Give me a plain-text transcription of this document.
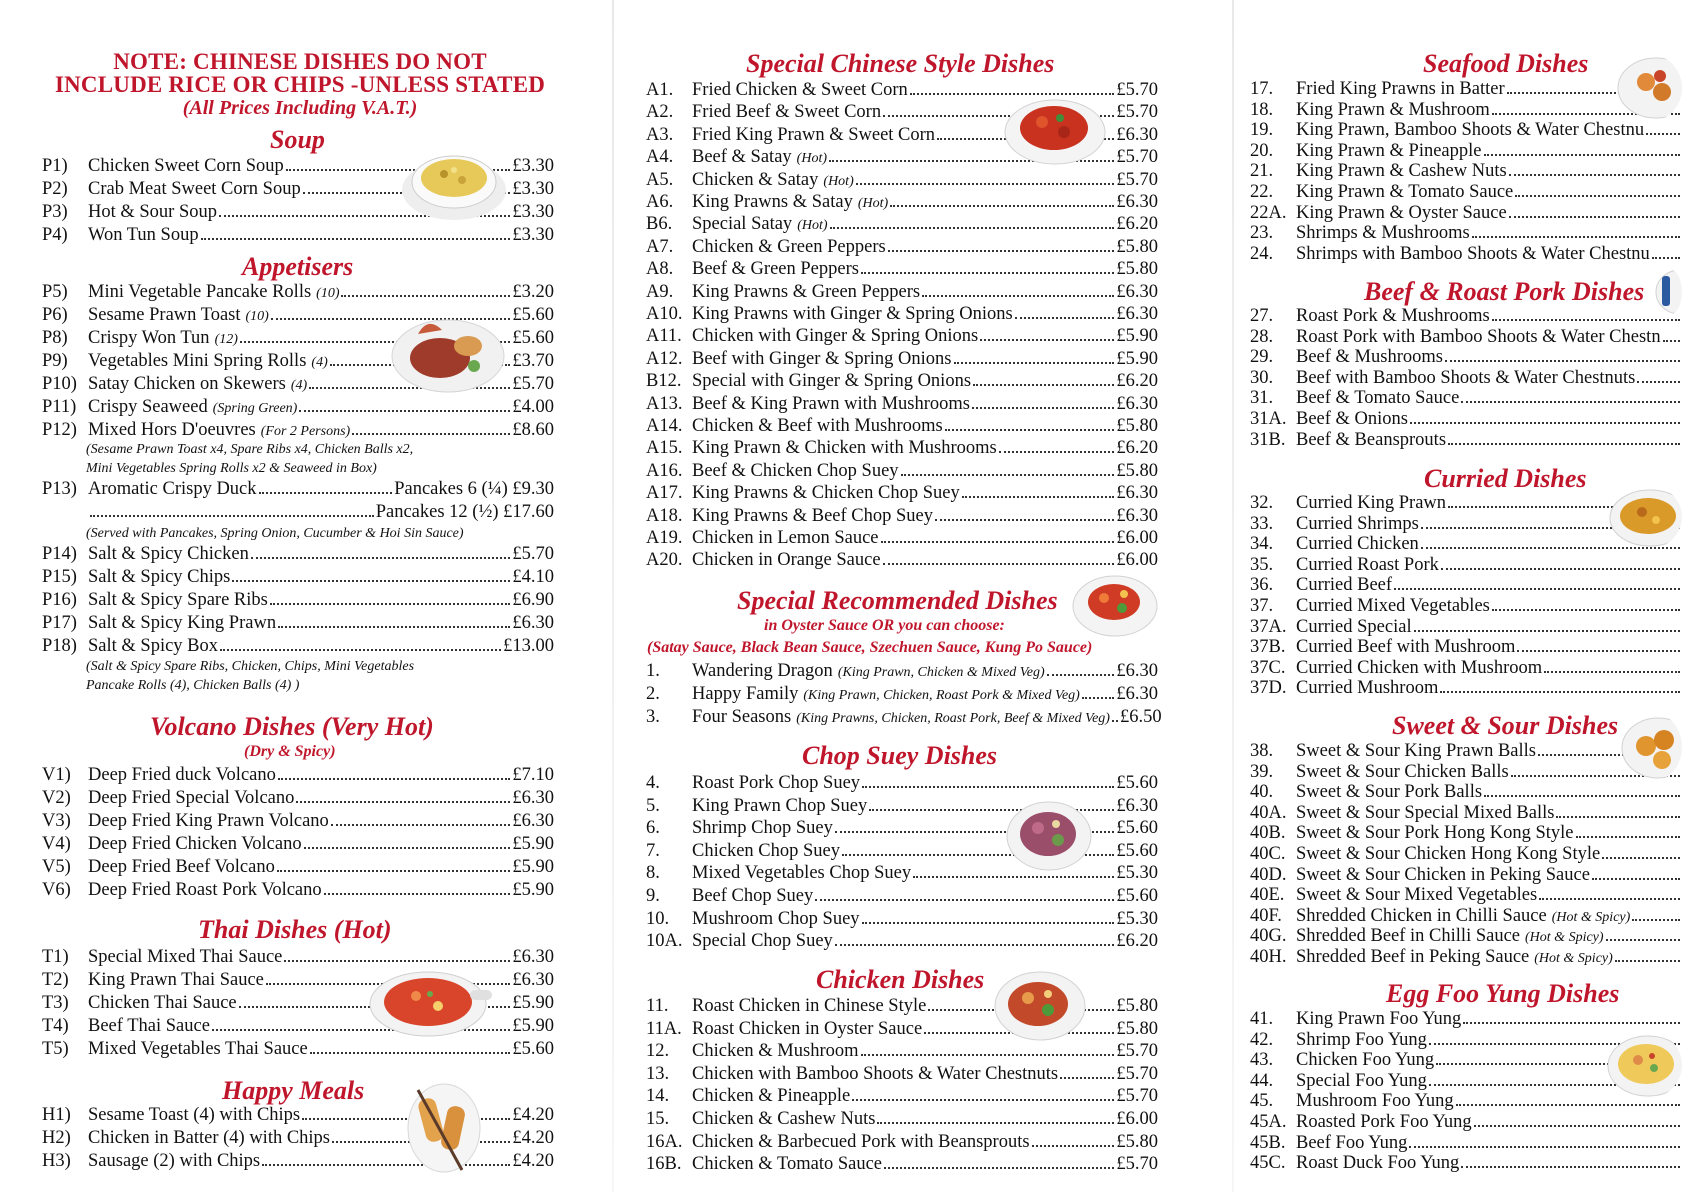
NOTE: CHINESE DISHES DO NOT
INCLUDE RICE OR CHIPS -UNLESS STATED
(All Prices Including V.A.T.)
Soup
P1)	Chicken Sweet Corn Soup	£3.30
P2)	Crab Meat Sweet Corn Soup	£3.30
P3)	Hot & Sour Soup	£3.30
P4)	Won Tun Soup	£3.30
Appetisers
P5)	Mini Vegetable Pancake Rolls (10)	£3.20
P6)	Sesame Prawn Toast (10)	£5.60
P8)	Crispy Won Tun (12)	£5.60
P9)	Vegetables Mini Spring Rolls (4)	£3.70
P10) Satay Chicken on Skewers (4)	£5.70
P11) Crispy Seaweed (Spring Green)	£4.00
P12) Mixed Hors D'oeuvres (For 2 Persons)	£8.60
P13) Aromatic Crispy Duck	Pancakes 6 (¼) £9.30
Pancakes 12 (½) £17.60
P14) Salt & Spicy Chicken	£5.70
P15) Salt & Spicy Chips	£4.10
P16) Salt & Spicy Spare Ribs	£6.90
P17) Salt & Spicy King Prawn	£6.30
P18) Salt & Spicy Box	£13.00
(Sesame Prawn Toast x4, Spare Ribs x4, Chicken Balls x2,
Mini Vegetables Spring Rolls x2 & Seaweed in Box)
(Served with Pancakes, Spring Onion, Cucumber & Hoi Sin Sauce)
(Salt & Spicy Spare Ribs, Chicken, Chips, Mini Vegetables
Pancake Rolls (4), Chicken Balls (4) )
Volcano Dishes (Very Hot)
(Dry & Spicy)
V1) Deep Fried duck Volcano	£7.10
V2) Deep Fried Special Volcano	£6.30
V3) Deep Fried King Prawn Volcano	£6.30
V4) Deep Fried Chicken Volcano	£5.90
V5) Deep Fried Beef Volcano	£5.90
V6) Deep Fried Roast Pork Volcano	£5.90
Thai Dishes (Hot)
T1)	Special Mixed Thai Sauce	£6.30
T2)	King Prawn Thai Sauce	£6.30
T3)	Chicken Thai Sauce	£5.90
T4)	Beef Thai Sauce	£5.90
T5)	Mixed Vegetables Thai Sauce	£5.60
Happy Meals
H1) Sesame Toast (4) with Chips	£4.20
H2) Chicken in Batter (4) with Chips	£4.20
H3) Sausage (2) with Chips	£4.20
Special Chinese Style Dishes
A1.	Fried Chicken & Sweet Corn	£5.70
A2.	Fried Beef & Sweet Corn	£5.70
A3.	Fried King Prawn & Sweet Corn	£6.30
A4.	Beef & Satay (Hot)	£5.70
A5.	Chicken & Satay (Hot)	£5.70
A6.	King Prawns & Satay (Hot)	£6.30
B6.	Special Satay (Hot)	£6.20
A7.	Chicken & Green Peppers	£5.80
A8.	Beef & Green Peppers	£5.80
A9.	King Prawns & Green Peppers	£6.30
A10. King Prawns with Ginger & Spring Onions	£6.30
A11. Chicken with Ginger & Spring Onions	£5.90
A12. Beef with Ginger & Spring Onions	£5.90
B12. Special with Ginger & Spring Onions	£6.20
A13. Beef & King Prawn with Mushrooms	£6.30
A14. Chicken & Beef with Mushrooms	£5.80
A15. King Prawn & Chicken with Mushrooms	£6.20
A16. Beef & Chicken Chop Suey	£5.80
A17. King Prawns & Chicken Chop Suey	£6.30
A18. King Prawns & Beef Chop Suey	£6.30
A19. Chicken in Lemon Sauce	£6.00
A20. Chicken in Orange Sauce	£6.00
Special Recommended Dishes
in Oyster Sauce OR you can choose:
(Satay Sauce, Black Bean Sauce, Szechuen Sauce, Kung Po Sauce)
1.	Wandering Dragon (King Prawn, Chicken & Mixed Veg)	£6.30
2.	Happy Family (King Prawn, Chicken, Roast Pork & Mixed Veg) £6.30
3.	Four Seasons (King Prawns, Chicken, Roast Pork, Beef & Mixed Veg) £6.50
Chop Suey Dishes
4.	Roast Pork Chop Suey	£5.60
5.	King Prawn Chop Suey	£6.30
6.	Shrimp Chop Suey	£5.60
7.	Chicken Chop Suey	£5.60
8.	Mixed Vegetables Chop Suey	£5.30
9.	Beef Chop Suey	£5.60
10.	Mushroom Chop Suey	£5.30
10A. Special Chop Suey	£6.20
Chicken Dishes
11.	Roast Chicken in Chinese Style	£5.80
11A. Roast Chicken in Oyster Sauce	£5.80
12.	Chicken & Mushroom	£5.70
13.	Chicken with Bamboo Shoots & Water Chestnuts	£5.70
14.	Chicken & Pineapple	£5.70
15.	Chicken & Cashew Nuts	£6.00
16A. Chicken & Barbecued Pork with Beansprouts	£5.80
16B. Chicken & Tomato Sauce	£5.70
Seafood Dishes
17.	Fried King Prawns in Batter
18.	King Prawn & Mushroom
19.	King Prawn, Bamboo Shoots & Water Chestnu
20.	King Prawn & Pineapple
21.	King Prawn & Cashew Nuts
22.	King Prawn & Tomato Sauce
22A. King Prawn & Oyster Sauce
23.	Shrimps & Mushrooms
24.	Shrimps with Bamboo Shoots & Water Chestnu
Beef & Roast Pork Dishes
27.	Roast Pork & Mushrooms
28.	Roast Pork with Bamboo Shoots & Water Chestn
29.	Beef & Mushrooms
30.	Beef with Bamboo Shoots & Water Chestnuts
31.	Beef & Tomato Sauce
31A. Beef & Onions
31B. Beef & Beansprouts
Curried Dishes
32.	Curried King Prawn
33.	Curried Shrimps
34.	Curried Chicken
35.	Curried Roast Pork
36.	Curried Beef
37.	Curried Mixed Vegetables
37A. Curried Special
37B. Curried Beef with Mushroom
37C. Curried Chicken with Mushroom
37D. Curried Mushroom
Sweet & Sour Dishes
38.	Sweet & Sour King Prawn Balls
39.	Sweet & Sour Chicken Balls
40.	Sweet & Sour Pork Balls
40A. Sweet & Sour Special Mixed Balls
40B. Sweet & Sour Pork Hong Kong Style
40C. Sweet & Sour Chicken Hong Kong Style
40D. Sweet & Sour Chicken in Peking Sauce
40E. Sweet & Sour Mixed Vegetables
40F. Shredded Chicken in Chilli Sauce (Hot & Spicy)
40G. Shredded Beef in Chilli Sauce (Hot & Spicy)
40H. Shredded Beef in Peking Sauce (Hot & Spicy)
Egg Foo Yung Dishes
41.	King Prawn Foo Yung
42.	Shrimp Foo Yung
43.	Chicken Foo Yung
44.	Special Foo Yung
45.	Mushroom Foo Yung
45A. Roasted Pork Foo Yung
45B. Beef Foo Yung
45C. Roast Duck Foo Yung
